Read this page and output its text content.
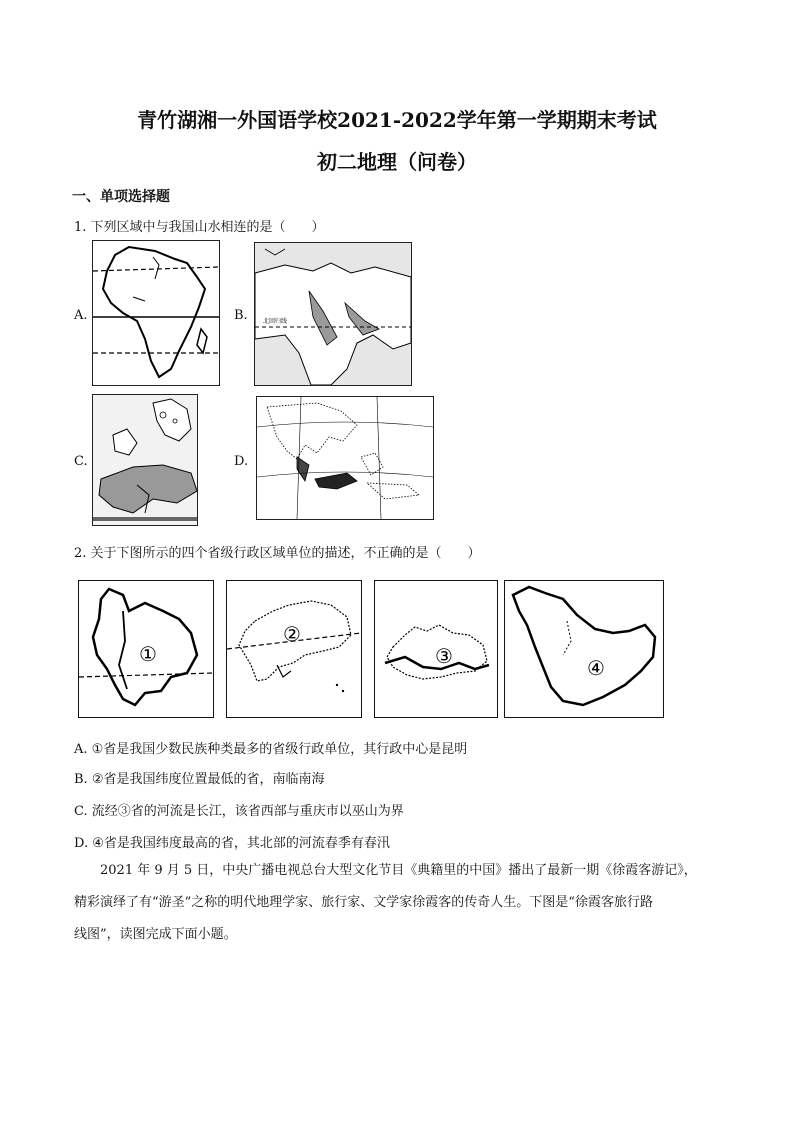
青竹湖湘一外国语学校2021-2022学年第一学期期末考试
初二地理（问卷）
一、单项选择题
1. 下列区域中与我国山水相连的是（　　）
A.	B.	北回归线
C.	D.
2. 关于下图所示的四个省级行政区域单位的描述，不正确的是（　　）
①
②
③	④
A. ①省是我国少数民族种类最多的省级行政单位，其行政中心是昆明
B. ②省是我国纬度位置最低的省，南临南海
C. 流经③省的河流是长江，该省西部与重庆市以巫山为界
D. ④省是我国纬度最高的省，其北部的河流春季有春汛
2021 年 9 月 5 日，中央广播电视总台大型文化节目《典籍里的中国》播出了最新一期《徐霞客游记》，
精彩演绎了有“游圣”之称的明代地理学家、旅行家、文学家徐霞客的传奇人生。下图是“徐霞客旅行路
线图”，读图完成下面小题。
